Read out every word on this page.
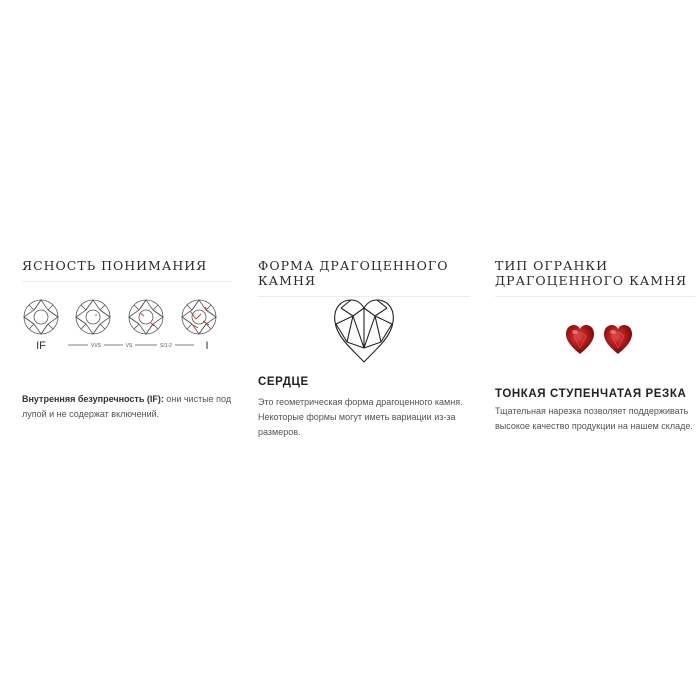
ЯСНОСТЬ ПОНИМАНИЯ
IF	VVS	VS	SI1-2	I

Внутренняя безупречность (IF): они чистые под лупой и не содержат включений.

ФОРМА ДРАГОЦЕННОГО КАМНЯ

СЕРДЦЕ

Это геометрическая форма драгоценного камня. Некоторые формы могут иметь вариации из-за размеров.

ТИП ОГРАНКИ ДРАГОЦЕННОГО КАМНЯ

ТОНКАЯ СТУПЕНЧАТАЯ РЕЗКА

Тщательная нарезка позволяет поддерживать высокое качество продукции на нашем складе.
